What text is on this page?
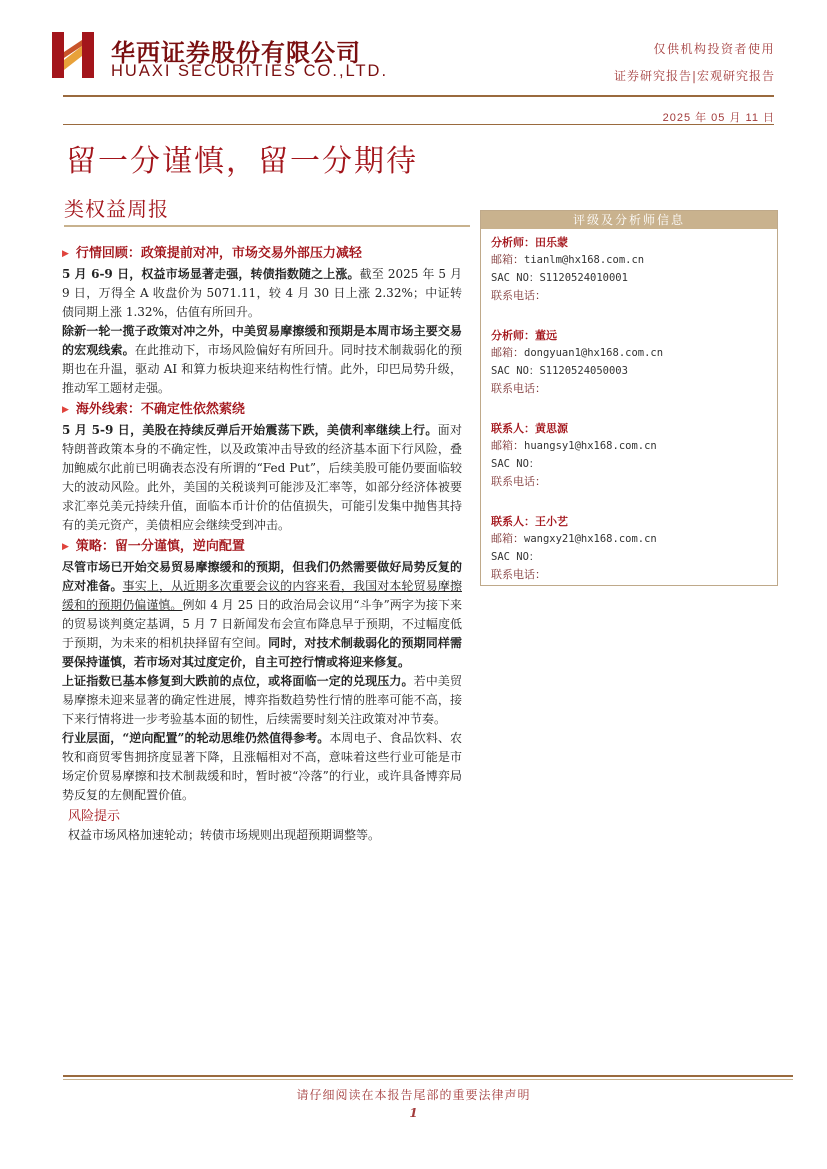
华西证券股份有限公司
HUAXI SECURITIES CO.,LTD.
仅供机构投资者使用
证券研究报告|宏观研究报告
2025 年 05 月 11 日
留一分谨慎，留一分期待
类权益周报
▶ 行情回顾：政策提前对冲，市场交易外部压力减轻

5 月 6-9 日，权益市场显著走强，转债指数随之上涨。截至 2025 年 5 月 9 日，万得全 A 收盘价为 5071.11，较 4 月 30 日上涨 2.32%；中证转债同期上涨 1.32%，估值有所回升。

除新一轮一揽子政策对冲之外，中美贸易摩擦缓和预期是本周市场主要交易的宏观线索。在此推动下，市场风险偏好有所回升。同时技术制裁弱化的预期也在升温，驱动 AI 和算力板块迎来结构性行情。此外，印巴局势升级，推动军工题材走强。

▶ 海外线索：不确定性依然萦绕

5 月 5-9 日，美股在持续反弹后开始震荡下跌，美债利率继续上行。面对特朗普政策本身的不确定性，以及政策冲击导致的经济基本面下行风险，叠加鲍威尔此前已明确表态没有所谓的“Fed Put”，后续美股可能仍要面临较大的波动风险。此外，美国的关税谈判可能涉及汇率等，如部分经济体被要求汇率兑美元持续升值，面临本币计价的估值损失，可能引发集中抛售其持有的美元资产，美债相应会继续受到冲击。

▶ 策略：留一分谨慎，逆向配置

尽管市场已开始交易贸易摩擦缓和的预期，但我们仍然需要做好局势反复的应对准备。事实上，从近期多次重要会议的内容来看，我国对本轮贸易摩擦缓和的预期仍偏谨慎。例如 4 月 25 日的政治局会议用“斗争”两字为接下来的贸易谈判奠定基调，5 月 7 日新闻发布会宣布降息早于预期，不过幅度低于预期，为未来的相机抉择留有空间。同时，对技术制裁弱化的预期同样需要保持谨慎，若市场对其过度定价，自主可控行情或将迎来修复。

上证指数已基本修复到大跌前的点位，或将面临一定的兑现压力。若中美贸易摩擦未迎来显著的确定性进展，博弈指数趋势性行情的胜率可能不高，接下来行情将进一步考验基本面的韧性，后续需要时刻关注政策对冲节奏。

行业层面，“逆向配置”的轮动思维仍然值得参考。本周电子、食品饮料、农牧和商贸零售拥挤度显著下降，且涨幅相对不高，意味着这些行业可能是市场定价贸易摩擦和技术制裁缓和时，暂时被“冷落”的行业，或许具备博弈局势反复的左侧配置价值。

风险提示

权益市场风格加速轮动；转债市场规则出现超预期调整等。

评级及分析师信息
分析师：田乐蒙
邮箱：tianlm@hx168.com.cn
SAC NO：S1120524010001
联系电话：
分析师：董远
邮箱：dongyuan1@hx168.com.cn
SAC NO：S1120524050003
联系电话：
联系人：黄思源
邮箱：huangsy1@hx168.com.cn
SAC NO：
联系电话：
联系人：王小艺
邮箱：wangxy21@hx168.com.cn
SAC NO：
联系电话：
请仔细阅读在本报告尾部的重要法律声明
1
